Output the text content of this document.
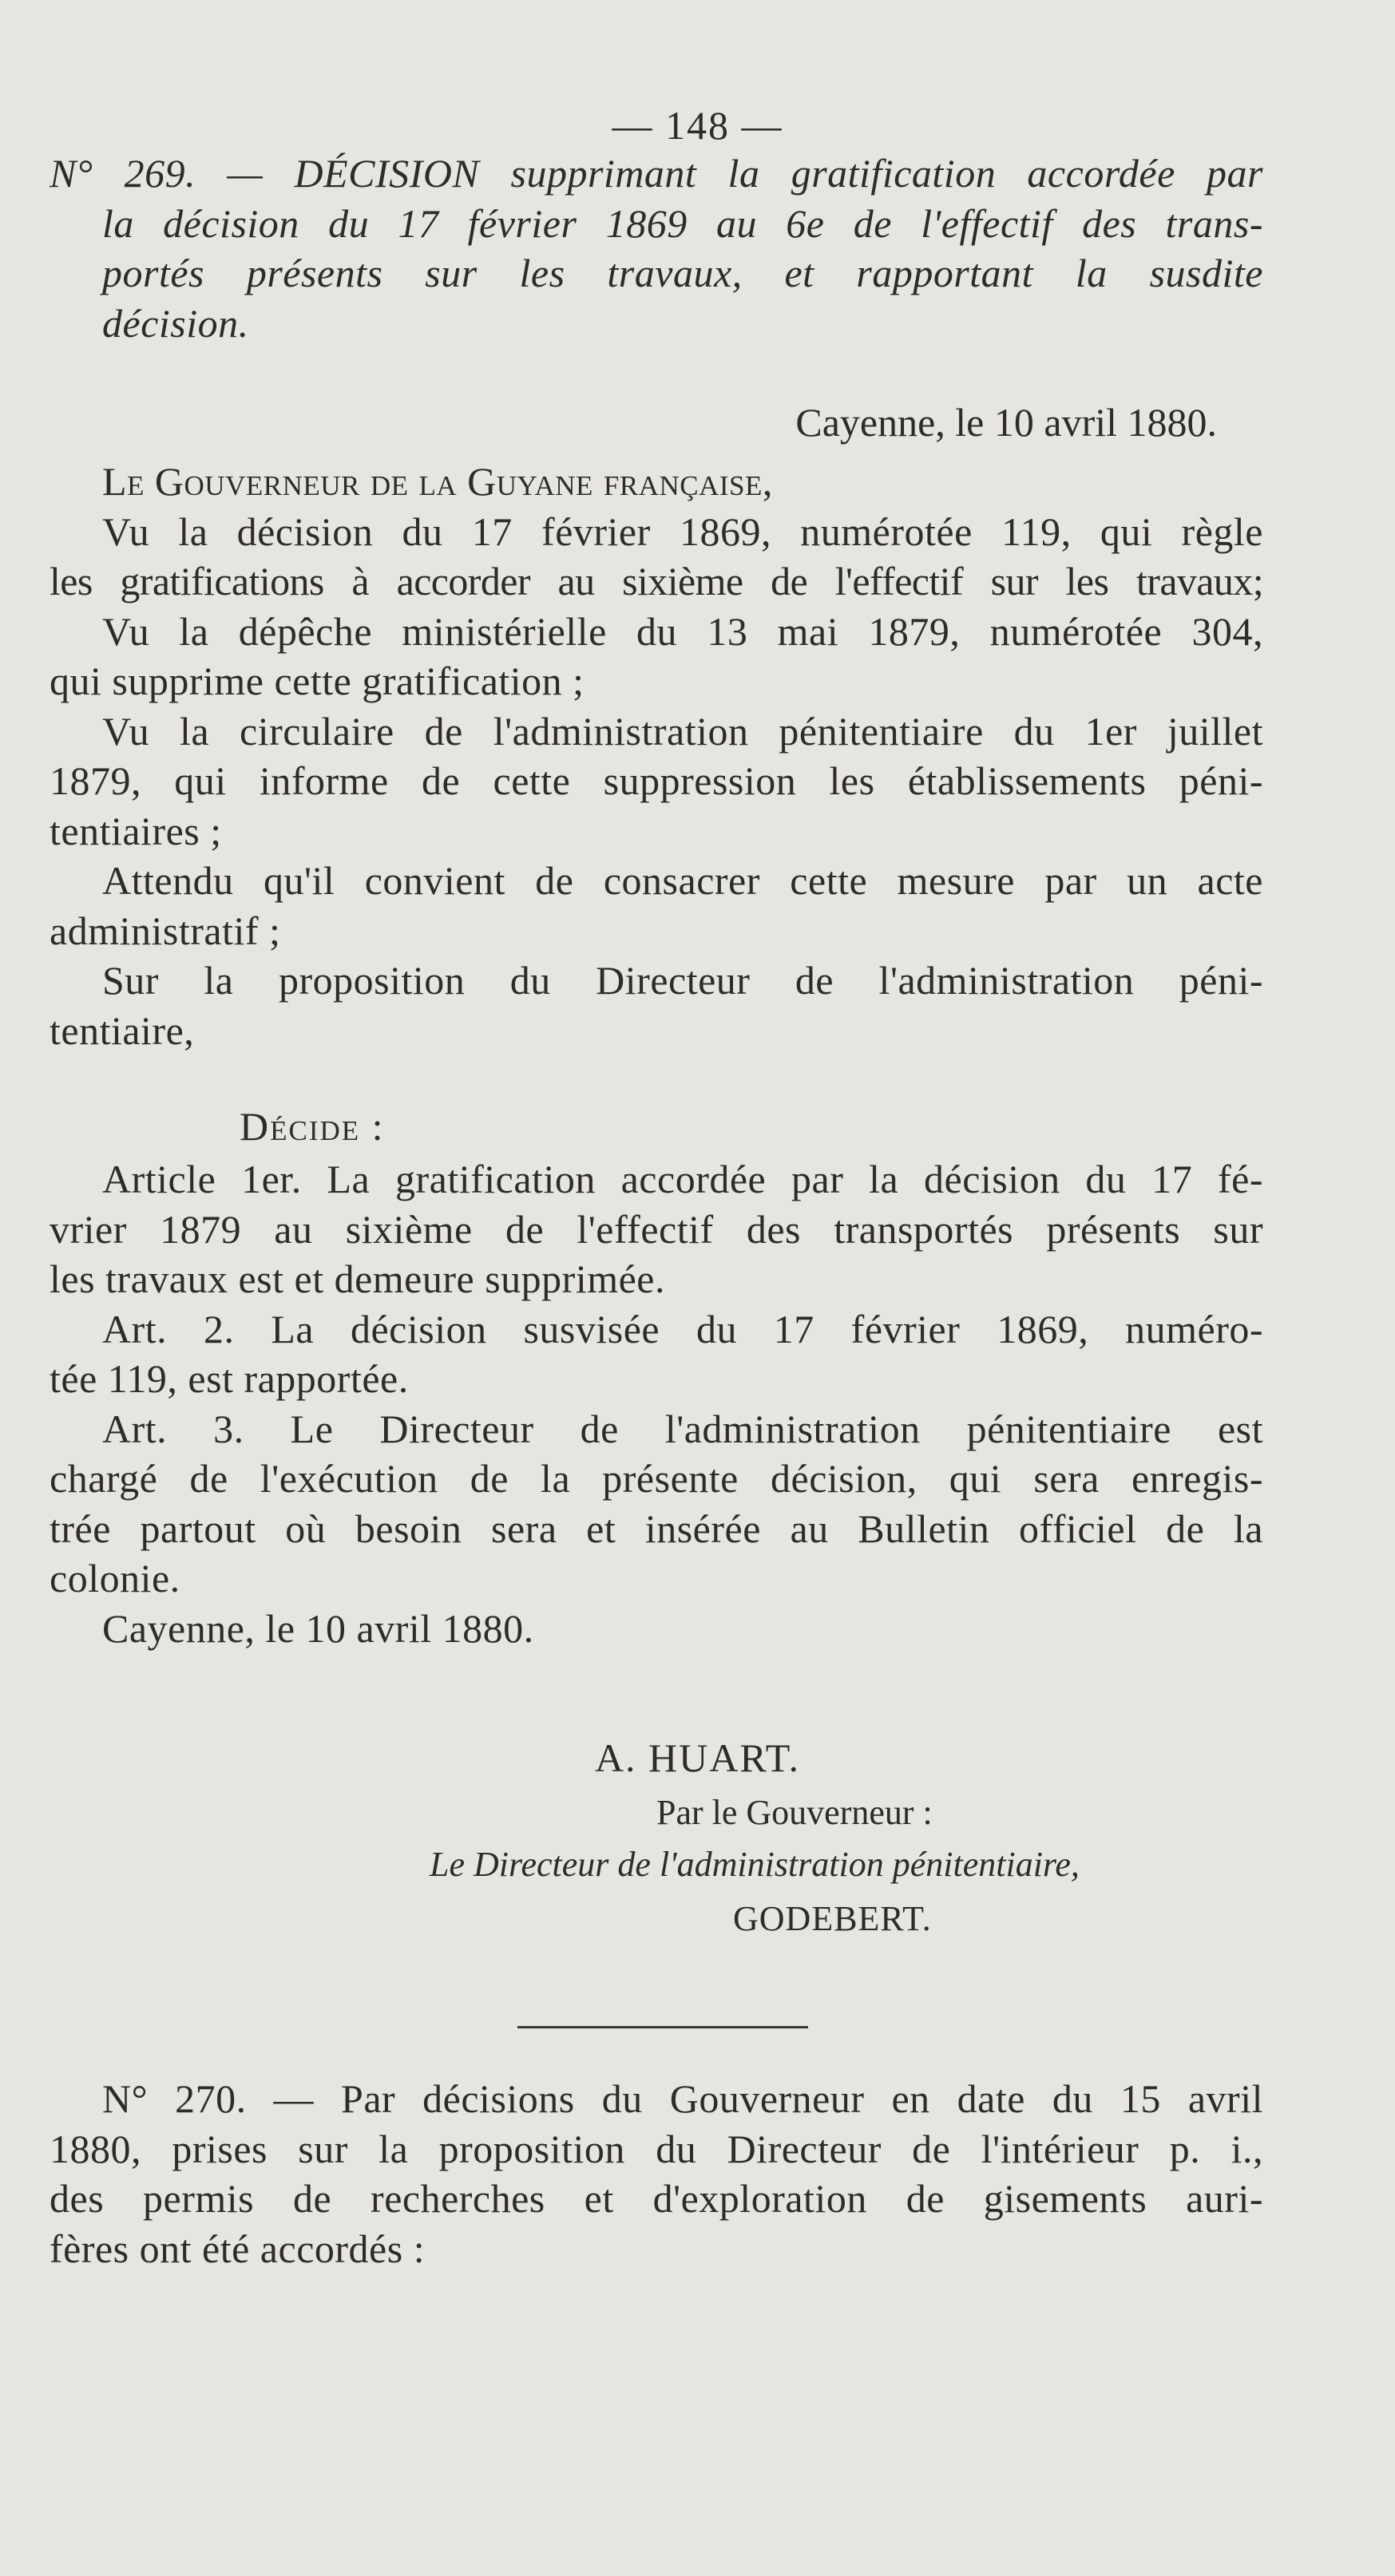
— 148 —
N° 269. — DÉCISION supprimant la gratification accordée par
la décision du 17 février 1869 au 6e de l'effectif des trans-
portés présents sur les travaux, et rapportant la susdite
décision.
Cayenne, le 10 avril 1880.
Le Gouverneur de la Guyane française,
Vu la décision du 17 février 1869, numérotée 119, qui règle
les gratifications à accorder au sixième de l'effectif sur les travaux;
Vu la dépêche ministérielle du 13 mai 1879, numérotée 304,
qui supprime cette gratification ;
Vu la circulaire de l'administration pénitentiaire du 1er juillet
1879, qui informe de cette suppression les établissements péni-
tentiaires ;
Attendu qu'il convient de consacrer cette mesure par un acte
administratif ;
Sur la proposition du Directeur de l'administration péni-
tentiaire,
Décide :
Article 1er. La gratification accordée par la décision du 17 fé-
vrier 1879 au sixième de l'effectif des transportés présents sur
les travaux est et demeure supprimée.
Art. 2. La décision susvisée du 17 février 1869, numéro-
tée 119, est rapportée.
Art. 3. Le Directeur de l'administration pénitentiaire est
chargé de l'exécution de la présente décision, qui sera enregis-
trée partout où besoin sera et insérée au Bulletin officiel de la
colonie.
Cayenne, le 10 avril 1880.
A. HUART.
Par le Gouverneur :
Le Directeur de l'administration pénitentiaire,
GODEBERT.
N° 270. — Par décisions du Gouverneur en date du 15 avril
1880, prises sur la proposition du Directeur de l'intérieur p. i.,
des permis de recherches et d'exploration de gisements auri-
fères ont été accordés :
